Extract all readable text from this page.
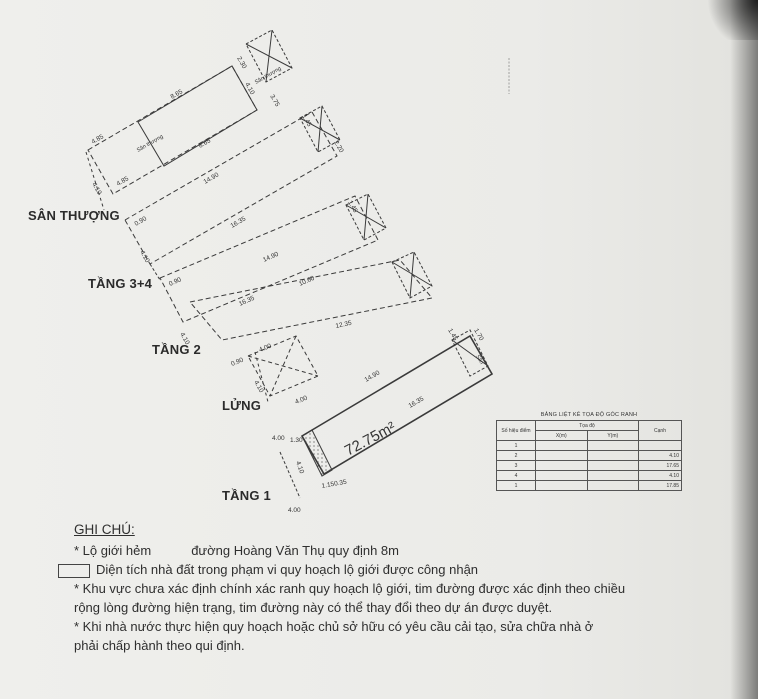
8.65
8.65
4.85
4.85
2.30
4.10
3.75
4.10
Sân thượng
Sân thượng
14.90
16.35
1.45
2.20
0.90
4.10	14.90
16.35
10.60
1.45
0.90
4.10
12.35
4.00
4.00
0.90
4.10
14.90
16.35
1.45 1.70
4.00 1.30
4.10
4.00
1.150.35
Sân
72.75m²
SÂN THƯỢNG
TẦNG 3+4
TẦNG 2
LỬNG
TẦNG 1
BẢNG LIỆT KÊ TỌA ĐỘ GÓC RANH
Số hiệu điểm	Tọa độ		Cạnh
	X(m)	Y(m)	
1			
2			4.10
3			17.65
4			4.10
1			17.85
GHI CHÚ:
* Lộ giới hẻm	đường Hoàng Văn Thụ quy định 8m
Diện tích nhà đất trong phạm vi quy hoạch lộ giới được công nhận
* Khu vực chưa xác định chính xác ranh quy hoạch lộ giới, tim đường được xác định theo chiều
rộng lòng đường hiện trạng, tim đường này có thể thay đổi theo dự án được duyệt.
* Khi nhà nước thực hiện quy hoạch hoặc chủ sở hữu có yêu cầu cải tạo, sửa chữa nhà ở
phải chấp hành theo qui định.
